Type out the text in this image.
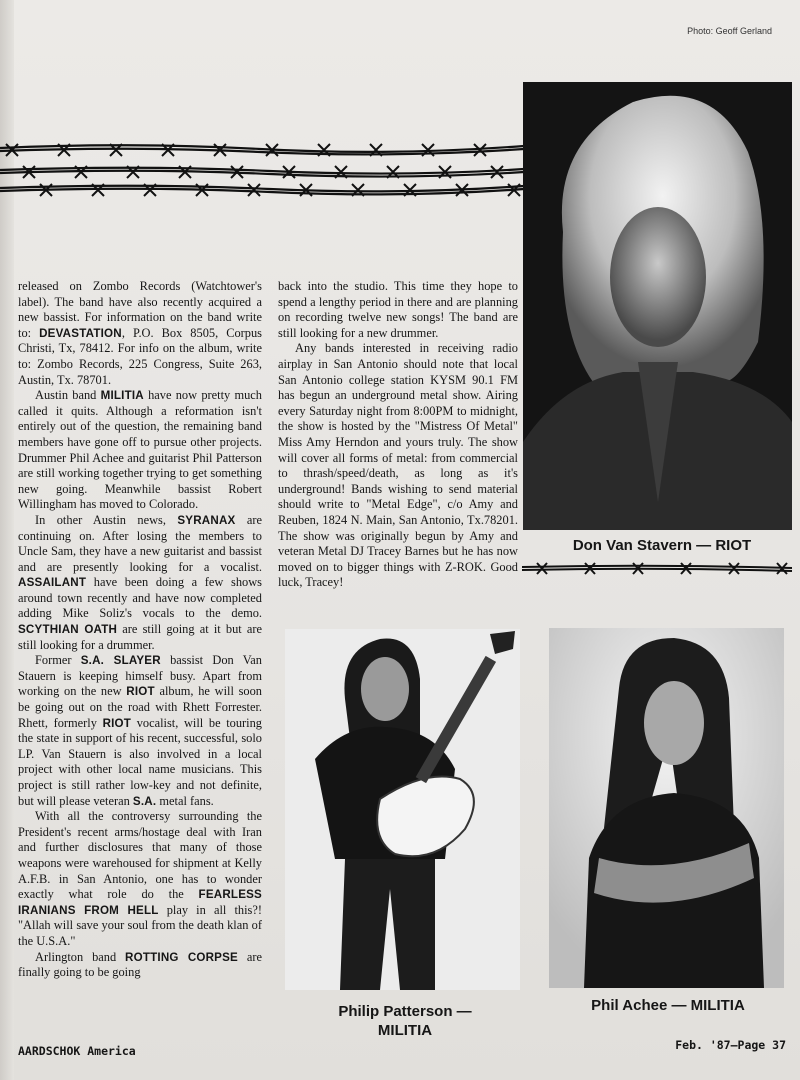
Photo: Geoff Gerland

released on Zombo Records (Watchtower's label). The band have also recently acquired a new bassist. For information on the band write to: DEVASTATION, P.O. Box 8505, Corpus Christi, Tx, 78412. For info on the album, write to: Zombo Records, 225 Congress, Suite 263, Austin, Tx. 78701.

Austin band MILITIA have now pretty much called it quits. Although a reformation isn't entirely out of the question, the remaining band members have gone off to pursue other projects. Drummer Phil Achee and guitarist Phil Patterson are still working together trying to get something new going. Meanwhile bassist Robert Willingham has moved to Colorado.

In other Austin news, SYRANAX are continuing on. After losing the members to Uncle Sam, they have a new guitarist and bassist and are presently looking for a vocalist. ASSAILANT have been doing a few shows around town recently and have now completed adding Mike Soliz's vocals to the demo. SCYTHIAN OATH are still going at it but are still looking for a drummer.

Former S.A. SLAYER bassist Don Van Stauern is keeping himself busy. Apart from working on the new RIOT album, he will soon be going out on the road with Rhett Forrester. Rhett, formerly RIOT vocalist, will be touring the state in support of his recent, successful, solo LP. Van Stauern is also involved in a local project with other local name musicians. This project is still rather low-key and not definite, but will please veteran S.A. metal fans.

With all the controversy surrounding the President's recent arms/hostage deal with Iran and further disclosures that many of those weapons were warehoused for shipment at Kelly A.F.B. in San Antonio, one has to wonder exactly what role do the FEARLESS IRANIANS FROM HELL play in all this?! "Allah will save your soul from the death klan of the U.S.A."

Arlington band ROTTING CORPSE are finally going to be going

back into the studio. This time they hope to spend a lengthy period in there and are planning on recording twelve new songs! The band are still looking for a new drummer.

Any bands interested in receiving radio airplay in San Antonio should note that local San Antonio college station KYSM 90.1 FM has begun an underground metal show. Airing every Saturday night from 8:00PM to midnight, the show is hosted by the "Mistress Of Metal" Miss Amy Herndon and yours truly. The show will cover all forms of metal: from commercial to thrash/speed/death, as long as it's underground! Bands wishing to send material should write to "Metal Edge", c/o Amy and Reuben, 1824 N. Main, San Antonio, Tx.78201. The show was originally begun by Amy and veteran Metal DJ Tracey Barnes but he has now moved on to bigger things with Z-ROK. Good luck, Tracey!

Don Van Stavern — RIOT
Philip Patterson —
MILITIA
Phil Achee — MILITIA
AARDSCHOK America	Feb. '87—Page 37
